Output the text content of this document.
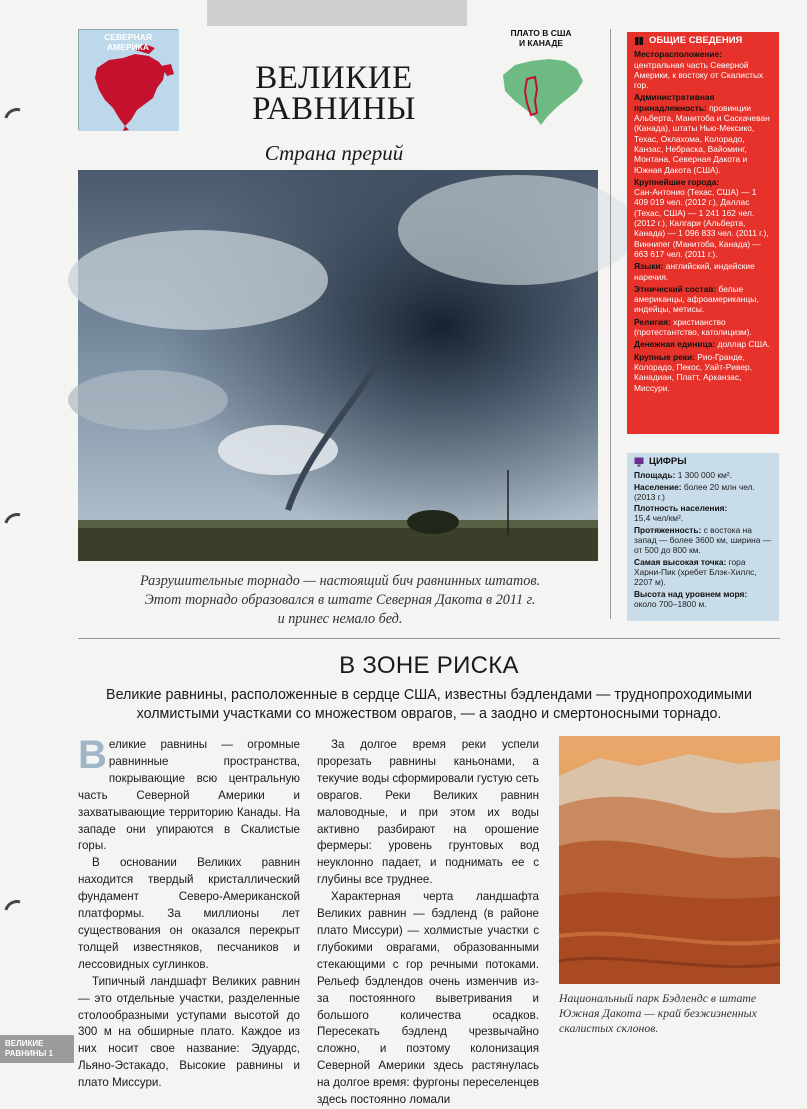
СЕВЕРНАЯ
АМЕРИКА
ПЛАТО В США
И КАНАДЕ
ВЕЛИКИЕ
РАВНИНЫ
Страна прерий
Разрушительные торнадо — настоящий бич равнинных штатов.
Этот торнадо образовался в штате Северная Дакота в 2011 г.
и принес немало бед.
ОБЩИЕ СВЕДЕНИЯ
Месторасположение:
центральная часть Северной Америки, к востоку от Скалистых гор.
Административная принадлежность: провинции Альберта, Манитоба и Саскачеван (Канада), штаты Нью-Мексико, Техас, Оклахома, Колорадо, Канзас, Небраска, Вайоминг, Монтана, Северная Дакота и Южная Дакота (США).
Крупнейшие города:
Сан-Антонио (Техас, США) — 1 409 019 чел. (2012 г.), Даллас (Техас, США) — 1 241 162 чел. (2012 г.), Калгари (Альберта, Канада) — 1 096 833 чел. (2011 г.), Виннипег (Манитоба, Канада) — 663 617 чел. (2011 г.).
Языки: английский, индейские наречия.
Этнический состав: белые американцы, афроамериканцы, индейцы, метисы.
Религия: христианство (протестантство, католицизм).
Денежная единица: доллар США.
Крупные реки: Рио-Гранде, Колорадо, Пекос, Уайт-Ривер, Канадиан, Платт, Арканзас, Миссури.
ЦИФРЫ
Площадь: 1 300 000 км².
Население: более 20 млн чел. (2013 г.)
Плотность населения:
15,4 чел/км².
Протяженность: с востока на запад — более 3600 км, ширина — от 500 до 800 км.
Самая высокая точка: гора Харни-Пик (хребет Блэк-Хиллс, 2207 м).
Высота над уровнем моря:
около 700–1800 м.
В ЗОНЕ РИСКА
Великие равнины, расположенные в сердце США, известны бэдлендами — труднопроходимыми холмистыми участками со множеством оврагов, — а заодно и смертоносными торнадо.

Великие равнины — огромные равнинные пространства, покрывающие всю центральную часть Северной Америки и захватывающие территорию Канады. На западе они упираются в Скалистые горы.

В основании Великих равнин находится твердый кристаллический фундамент Северо-Американской платформы. За миллионы лет существования он оказался перекрыт толщей известняков, песчаников и лессовидных суглинков.

Типичный ландшафт Великих равнин — это отдельные участки, разделенные столообразными уступами высотой до 300 м на обширные плато. Каждое из них носит свое название: Эдуардс, Льяно-Эстакадо, Высокие равнины и плато Миссури.

За долгое время реки успели прорезать равнины каньонами, а текучие воды сформировали густую сеть оврагов. Реки Великих равнин маловодные, и при этом их воды активно разбирают на орошение фермеры: уровень грунтовых вод неуклонно падает, и поднимать ее с глубины все труднее.

Характерная черта ландшафта Великих равнин — бэдленд (в районе плато Миссури) — холмистые участки с глубокими оврагами, образованными стекающими с гор речными потоками. Рельеф бэдлендов очень изменчив из-за постоянного выветривания и большого количества осадков. Пересекать бэдленд чрезвычайно сложно, и поэтому колонизация Северной Америки здесь растянулась на долгое время: фургоны переселенцев здесь постоянно ломали

Национальный парк Бэдлендс в штате Южная Дакота — край безжизненных скалистых склонов.
ВЕЛИКИЕ
РАВНИНЫ 1
